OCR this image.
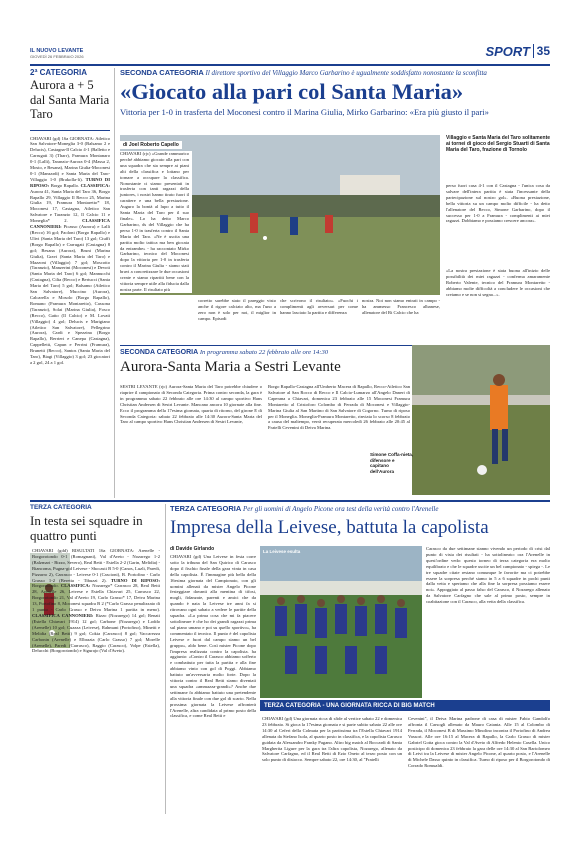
IL NUOVO LEVANTE
GIOVEDÌ 26 FEBBRAIO 2026	SPORT 35
2ª CATEGORIA
Aurora a + 5 dal Santa Maria Taro
CHIAVARI (gd) 16a GIORNATA: Atletico San Salvatore-Moneglia 3-0 (Balsamo 2 e Delucis), Castagna-Il Calcio 4-1 (Balletto e Carrugati 3) (Tharr), Framura Montanaro 0-1 (Lalli), Taranzio-Aurora 0-4 (Massa 2, Mosto, e Besana), Marina Giulia-Moconesi 0-1 (Manzardi) e Santa Maria del Taro-Villaggio 1-0 (Brakolla-li). TURNO DI RIPOSO: Borgo Rapallo. CLASSIFICA: Aurora 41, Santa Maria del Taro 36, Borgo Rapallo 29, Villaggio Il Recco 25, Marina Giulia 19, Framura Montaretto* 18, Moconesi 17, Castagna, Atletico San Salvatore e Taranzio 12, Il Calcio 11 e Moneglia* 2.	CLASSIFICA CANNONIERI: Picasso (Aurora) e Lalli (Recco) 16 gol; Paoloni (Borgo Rapallo) e Ulivi (Santa Maria del Taro) 13 gol; Ciuffi (Borgo Rapallo) e Carrugati (Castagna) 8 gol; Besana (Aurora), Bruni (Marina Giulia), Gravi (Santa Maria del Taro) e Mazzoni (Villaggio) 7 gol; Moscotto (Taranzio), Manzerini (Moconesi) e Devoti (Santa Maria del Taro) 6 gol; Mannucchi (Castagna), Cilta (Recco) e Bertucci (Santa Maria del Taro) 5 gol; Balsamo (Atletico San Salvatore), Muccino (Aurora), Calcarella e Mosolo (Borgo Rapallo), Romano (Framura Montaretto), Cassona (Taranzio), Solai (Marina Giulia), Fosco (Recco), Gatto (Il Calcio) e M. Lovati (Villaggio) 4 gol; Delucis e Marigiano (Atletico San Salvatore), Pellegrino (Aurora), Cardi e Spezzina (Borgo Rapallo), Berrieri e Canepa (Castagna), Cappelletti, Capun e Ferrini (Framura), Brunetti (Recco), Santos (Santa Maria del Taro), Biagi (Villaggio) 3 gol; 23 giocatori a 2 gol, 24 a 1 gol.
SECONDA CATEGORIA Il direttore sportivo del Villaggio Marco Garbarino è ugualmente soddisfatto nonostante la sconfitta
«Giocato alla pari col Santa Maria»
Vittoria per 1-0 in trasferta del Moconesi contro il Marina Giulia, Mirko Garbarino: «Era più giusto il pari»
Villaggio e Santa Maria del Taro solitamente ai tornei di gioco del Sergio Stuarti di Santa Maria del Taro, frazione di Tornolo
di Joel Roberto Capello
CHIAVARI (rjc) «Grande rammarico perché abbiamo giocato alla pari con una squadra che sta sempre ai piani alti della classifica e lottano per tornare a occupare la classifica. Nonostante ci siamo presentati in trasferta con tanti ragazzi della juniores, i nostri hanno tirato fuori il carattere e una bella prestazione. Auguro la bontà al lupo a tutto il Santa Maria del Taro per il suo finale». Lo ha detto Marco Garbarino, ds del Villaggio che ha perso 1-0 in trasferta contro il Santa Maria del Taro. «Ne è uscita una partita molto tattica ma ben giocata da entrambe» - ha raccontato Mirko Garbarino, tecnico del Moconesi dopo la vittoria per 1-0 in trasferta contro il Marina Giulia - siamo stati bravi a concretizzare le due occasioni create e siamo ripartiti bene con la vittoria sempre utile alla fiducia dalla nostra parte. Il risultato più
corretto sarebbe stato il pareggio visto anche il rigore calciato alto, ma l'uno a zero non è solo per noi, il miglior in campo. Episodi
che scrivono il risultato». «Fuochi i complimenti agli avversari per come hanno lasciato la partita e differenza
nostra. Noi non siamo entrati in campo - ha ammesso Francesco albanese, allenatore del Ri Calcio che ha
perso fuori casa 4-1 con il Castagna - l'unica cosa da salvare dell'intera partita è stata l'incessante della partecipazione sul nostro gol». «Buona prestazione, bella vittoria su un campo molto difficile - ha detto l'allenatore del Recco, Simone Garbarino, dopo il successo per 1-0 a Framura - complimenti ai miei ragazzi. Dobbiamo e possiamo crescere ancora».
«La nostra prestazione è stata buona all'inizio delle possibilità dei miei ragazzi - conferma amaramente Roberto Valente, tecnico del Framura Montaretto - abbiamo molte difficoltà a concludere le occasioni che creiamo e se non si segna...».
SECONDA CATEGORIA In programma sabato 22 febbraio alle ore 14:30
Aurora-Santa Maria a Sestri Levante
SESTRI LEVANTE (rjc) Aurora-Santa Maria del Taro potrebbe chiudere o riaprire il campionato di Seconda Categoria. Prima contro seconda, la gara è in programma sabato 22 febbraio alle ore 14:30 al campo sportivo Hans Christian Andersen di Sestri Levante. Mancano ancora 10 giornate alla fine. Ecco il programma della 17esima giornata, quarta di ritorno, del girone E di Seconda Categoria: sabato 22 febbraio alle 14:30 Aurora-Santa Maria del Taro al campo sportivo Hans Christian Andersen di Sestri Levante,
Borgo Rapallo-Castagna all'Umberto Macera di Rapallo, Recco-Atletico San Salvatore al San Rocco di Recco e Il Calcio-Lumarzo all'Angelo Daneri di Caperana a Chiavari, domenica 23 febbraio alle 15 Moconesi Framura Montaretto al Cristoforo Colombo di Ferrada di Moconesi e Villaggio-Marina Giulia al San Martino di San Salvatore di Cogorno. Turno di riposo per il Moneglia. Moneglia-Framura Montaretto, rinviata lo scorso 8 febbraio a causa del maltempo, verrà recuperata mercoledì 26 febbraio alle 20:45 al Fratelli Cevenini di Deiva Marina.
Simone Coffa-nieta, difensore e capitano dell'Aurora
TERZA CATEGORIA
In testa sei squadre in quattro punti
CHIAVARI (gdd) RISULTATI 16a GIORNATA: Arenelle - Borgorotondo 0-1 (Romagnani), Val d'Aveto - Nozarego 1-2 (Balzmari - Bizzo, Severo), Real Betti - Estella 2-2 (Garin, Melidia) - Biancoma, Pugna-gid Leivese - Sbocasti B 5-0 (Canos, Luzli, Paredi, Pizzarro 2), Carrasco - Leivese 0-1 (Cascioni), B. Portofino - Carlo Grasso 1-2 (Beretta - Tibuzzi 2). TURNO DI RIPOSO: Borgorotondo. CLASSIFICA: Nozarego* Carrasco 28, Real Betti 28, Arenelle 26, Leivese e Estella Chiavari 25, Carrasco 22, Borgorotondo 21, Val d'Aveto 19, Carlo Grasso* 17, Deiva Marina 13, Portofino 8, Moconesi squadra B 2 (*Carlo Grasso penalizzato di 1 punto - Carlo Grasso e Deiva Marina 1 partita in meno). CLASSIFICA CANNONIERI: Rizzo (Nozarego) 14 gol; Renati (Estella Chiavari 1914) 12 gol; Carbone (Nozarego) e Loddo (Arenelle) 10 gol; Cuazza (Leivese), Rahmani (Portofino), Minetti e Melidia (Real Betti) 9 gol; Cokia (Carrasco) 8 gol; Vaccarezza Carbonin (Arenelle) e Elbrazia (Carlo Grasso) 7 gol; Morelle (Arenelle), Paredi (Carrasco), Raggio (Carasco), Volpe (Estella), Delucchi (Borgorotondo) e Sigurajo (Val d'Aveto).
TERZA CATEGORIA Per gli uomini di Angelo Picone ora test della verità contro l'Arenelle
Impresa della Leivese, battuta la capolista
di Davide Girlando
CHIAVARI (gd) Una Leivese in festa corre sotto la tribuna del San Quirico di Carasco dopo il fischio finale della gara vinta in casa della capolista. È l'immagine più bella della 16esima giornata del Campionato, con gli uomini allenati da mister Angelo Picone festeggiare davanti alla mentina di tifosi, mogli, fidanzate, parenti e amici che da quando è nata la Leivese tre anni fa si ritrovano ogni sabato a vedere le partite della squadra. «La prima cosa che mi fa piacere sottolineare è che ho dei grandi ragazzi prima sul piano umano e poi su quello sportivo», ha commentato il tecnico. Il punto è del capolista Leivese e fuori dal campo siamo un bel gruppo», aldo bene. Così mister Picone dopo l'impresa realizzata contro la capolista. ha aggiunto: «Contro il Carasco abbiamo sofferto e combattuto per tutta la partita e alla fine abbiamo vinto con gol di Poggi. Abbiamo battuto un'avversaria molto forte. Dopo la vittoria contro il Real Betti siamo diventati una squadra «ammazza-grandi»? Anche due settimane fa abbiamo battuto una pretendente alla vittoria finale con due gol di scarto. Nella prossima giornata la Leivese affronterà l'Arenelle, altra candidata al primo posto della classifica, e come Real Betti e
La Leivese esulta
Carasco da due settimane stanno vivendo un periodo di crisi dal punto di vista dei risultati - ha sottolineato: ora l'Arenelle in quest'ordine vedo: questo torneo di terza categoria era molto equilibrato e che le squadre uscite un bel campionato - spiega -. Le tre squadre citate restano comunque le favorite ma ci potrebbe essere la sorpresa perché siamo in 5 a 6 squadre in pochi punti dalla vetta e speriamo che alla fine la sorpresa possiamo essere noi». Appoggiato al passo falso del Carasco, il Nozarego allenato da Salvatore Carfagno che sale al primo posto, sempre in coabitazione con il Carasco, alla vetta della classifica.
TERZA CATEGORIA - UNA GIORNATA RICCA DI BIG MATCH
CHIAVARI (gd) Una giornata ricca di sfide al vertice sabato 22 e domenica 23 febbraio. Si gioca la 17esima giornata e si parte subito sabato 22 alle ore 14:30 al Ceferi della Colmata per la partissima tra l'Estella Chiavari 1914 allenata da Stefano Isola, al quarto posto in classifica, e la capolista Carasco guidata da Alessandro Franky Pagano. Altro big match al Boccardi di Santa Margherita Ligure per la gara tra l'altra capolista, Nozarego, allenato da Salvatore Carfagno, ed il Real Betti di Ezio Oneto al terzo posto con un solo punto di distacco. Sempre sabato 22, ore 14:30, al "Fratelli
Cevenini", il Deiva Marina padrone di casa di mister Fabio Gandolfo affronta il Carsogli allenato da Mauro Catania. Alle 15 al Colombo di Ferrada, il Moconesi B di Massimo Minolino incontra il Portofino di Andrea Vassori. Alle ore 16:15 al Macera di Rapallo, la Carlo Grasso di mister Gabriel Gotta gioca contro la Val d'Aveto di Alfredo Helenio Casella. Unico posticipo di domenica 23 febbraio la gara delle ore 14:30 al San Bartolomeo di Leivi tra la Leivese di mister Angelo Picone, al quarto posto, e l'Arenelle di Michele Dasso quinto in classifica. Turno di riposo per il Borgorotondo di Corrado Romualdi.
